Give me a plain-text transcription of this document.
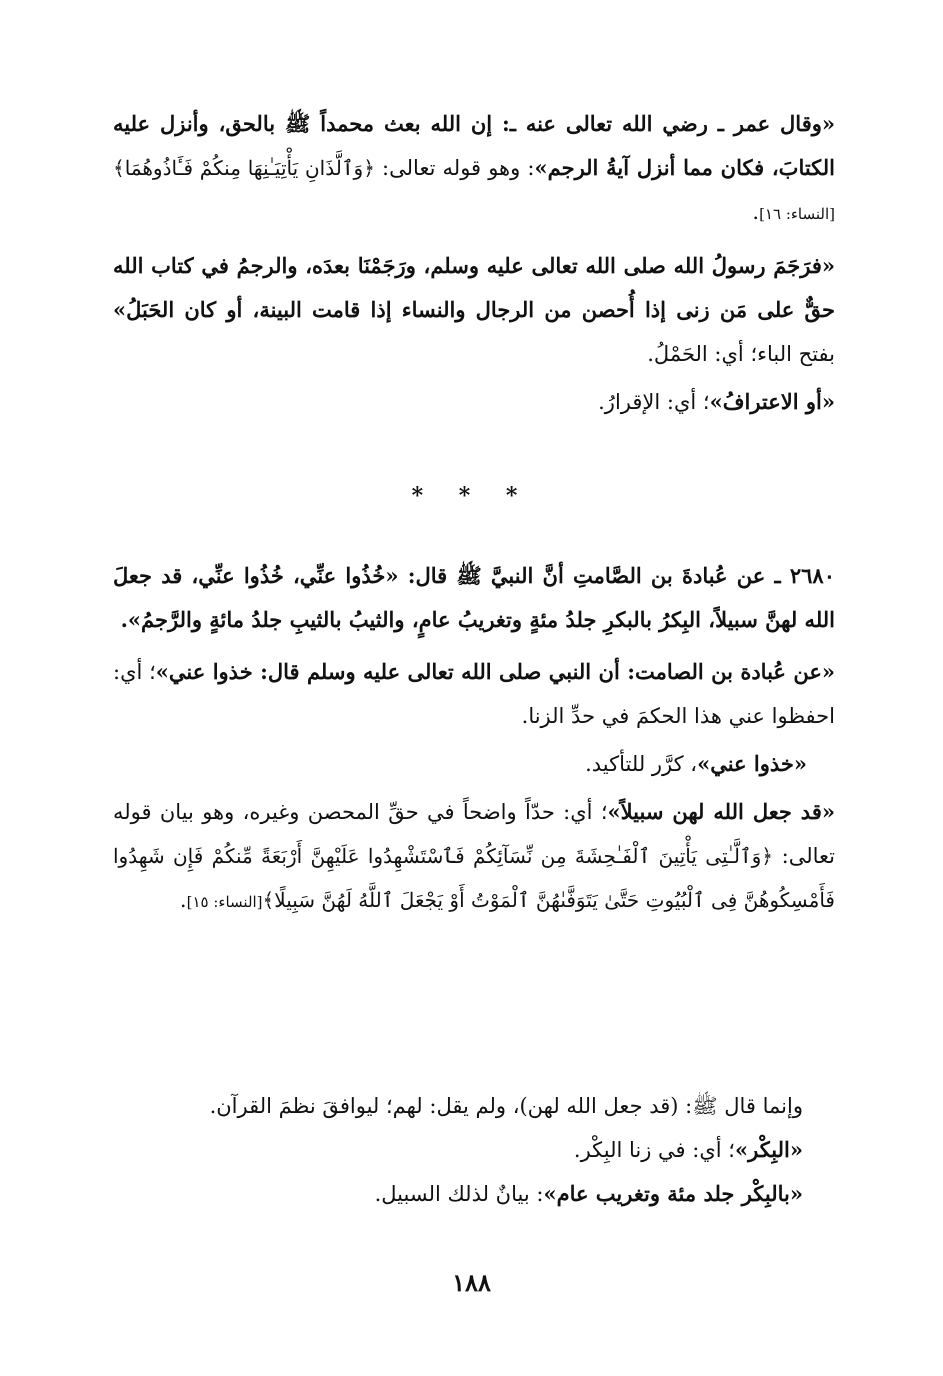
«وقال عمر ـ رضي الله تعالى عنه ـ: إن الله بعث محمداً ﷺ بالحق، وأنزل عليه الكتابَ، فكان مما أنزل آيةُ الرجم»: وهو قوله تعالى: ﴿وَٱلَّذَانِ يَأْتِيَـٰنِهَا مِنكُمْ فَـَٔاذُوهُمَا﴾[النساء: ١٦].

«فرَجَمَ رسولُ الله صلى الله تعالى عليه وسلم، ورَجَمْنَا بعدَه، والرجمُ في كتاب الله حقٌّ على مَن زنى إذا أُحصن من الرجال والنساء إذا قامت البينة، أو كان الحَبَلُ» بفتح الباء؛ أي: الحَمْلُ.

«أو الاعترافُ»؛ أي: الإقرارُ.

* * *

٢٦٨٠ ـ عن عُبادةَ بن الصَّامتِ أنَّ النبيَّ ﷺ قال: «خُذُوا عنِّي، خُذُوا عنِّي، قد جعلَ الله لهنَّ سبيلاً، البِكرُ بالبكرِ جلدُ مئةٍ وتغريبُ عامٍ، والثيبُ بالثيبِ جلدُ مائةٍ والرَّجمُ».

«عن عُبادة بن الصامت: أن النبي صلى الله تعالى عليه وسلم قال: خذوا عني»؛ أي: احفظوا عني هذا الحكمَ في حدِّ الزنا.

«خذوا عني»، كرَّر للتأكيد.

«قد جعل الله لهن سبيلاً»؛ أي: حدّاً واضحاً في حقِّ المحصن وغيره، وهو بيان قوله تعالى: ﴿وَٱلَّـٰتِى يَأْتِينَ ٱلْفَـٰحِشَةَ مِن نِّسَآئِكُمْ فَٱسْتَشْهِدُوا عَلَيْهِنَّ أَرْبَعَةً مِّنكُمْ فَإِن شَهِدُوا فَأَمْسِكُوهُنَّ فِى ٱلْبُيُوتِ حَتَّىٰ يَتَوَفَّىٰهُنَّ ٱلْمَوْتُ أَوْ يَجْعَلَ ٱللَّهُ لَهُنَّ سَبِيلًا﴾[النساء: ١٥].

وإنما قال ﷺ: (قد جعل الله لهن)، ولم يقل: لهم؛ ليوافقَ نظمَ القرآن.

«البِكْر»؛ أي: في زنا البِكْر.

«بالبِكْر جلد مئة وتغريب عام»: بيانٌ لذلك السبيل.

١٨٨
